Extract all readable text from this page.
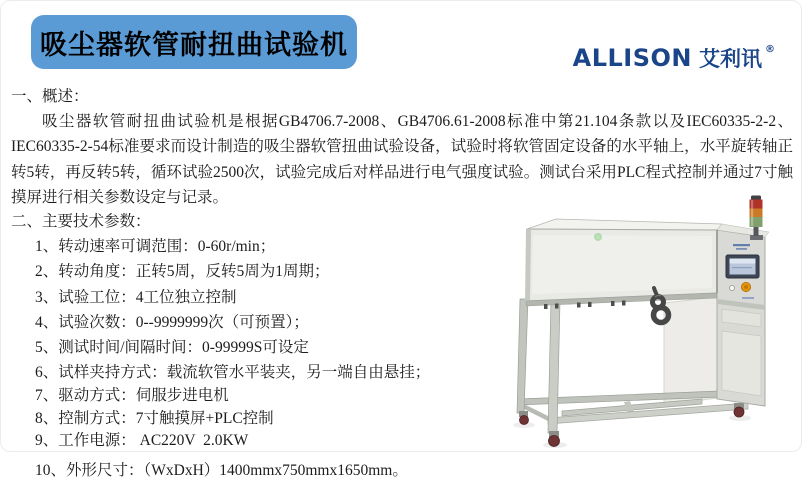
吸尘器软管耐扭曲试验机	ALLISON 艾利讯 ®
一、概述：

吸尘器软管耐扭曲试验机是根据GB4706.7-2008、GB4706.61-2008标准中第21.104条款以及IEC60335-2-2、IEC60335-2-54标准要求而设计制造的吸尘器软管扭曲试验设备，试验时将软管固定设备的水平轴上，水平旋转轴正转5转，再反转5转，循环试验2500次，试验完成后对样品进行电气强度试验。测试台采用PLC程式控制并通过7寸触摸屏进行相关参数设定与记录。

二、主要技术参数：
1、转动速率可调范围：0-60r/min；
2、转动角度：正转5周，反转5周为1周期；
3、试验工位：4工位独立控制
4、试验次数：0--9999999次（可预置）；
5、测试时间/间隔时间：0-99999S可设定
6、试样夹持方式：载流软管水平装夹，另一端自由悬挂；
7、驱动方式：伺服步进电机
8、控制方式：7寸触摸屏+PLC控制
9、工作电源： AC220V  2.0KW
10、外形尺寸：（WxDxH）1400mmx750mmx1650mm。
